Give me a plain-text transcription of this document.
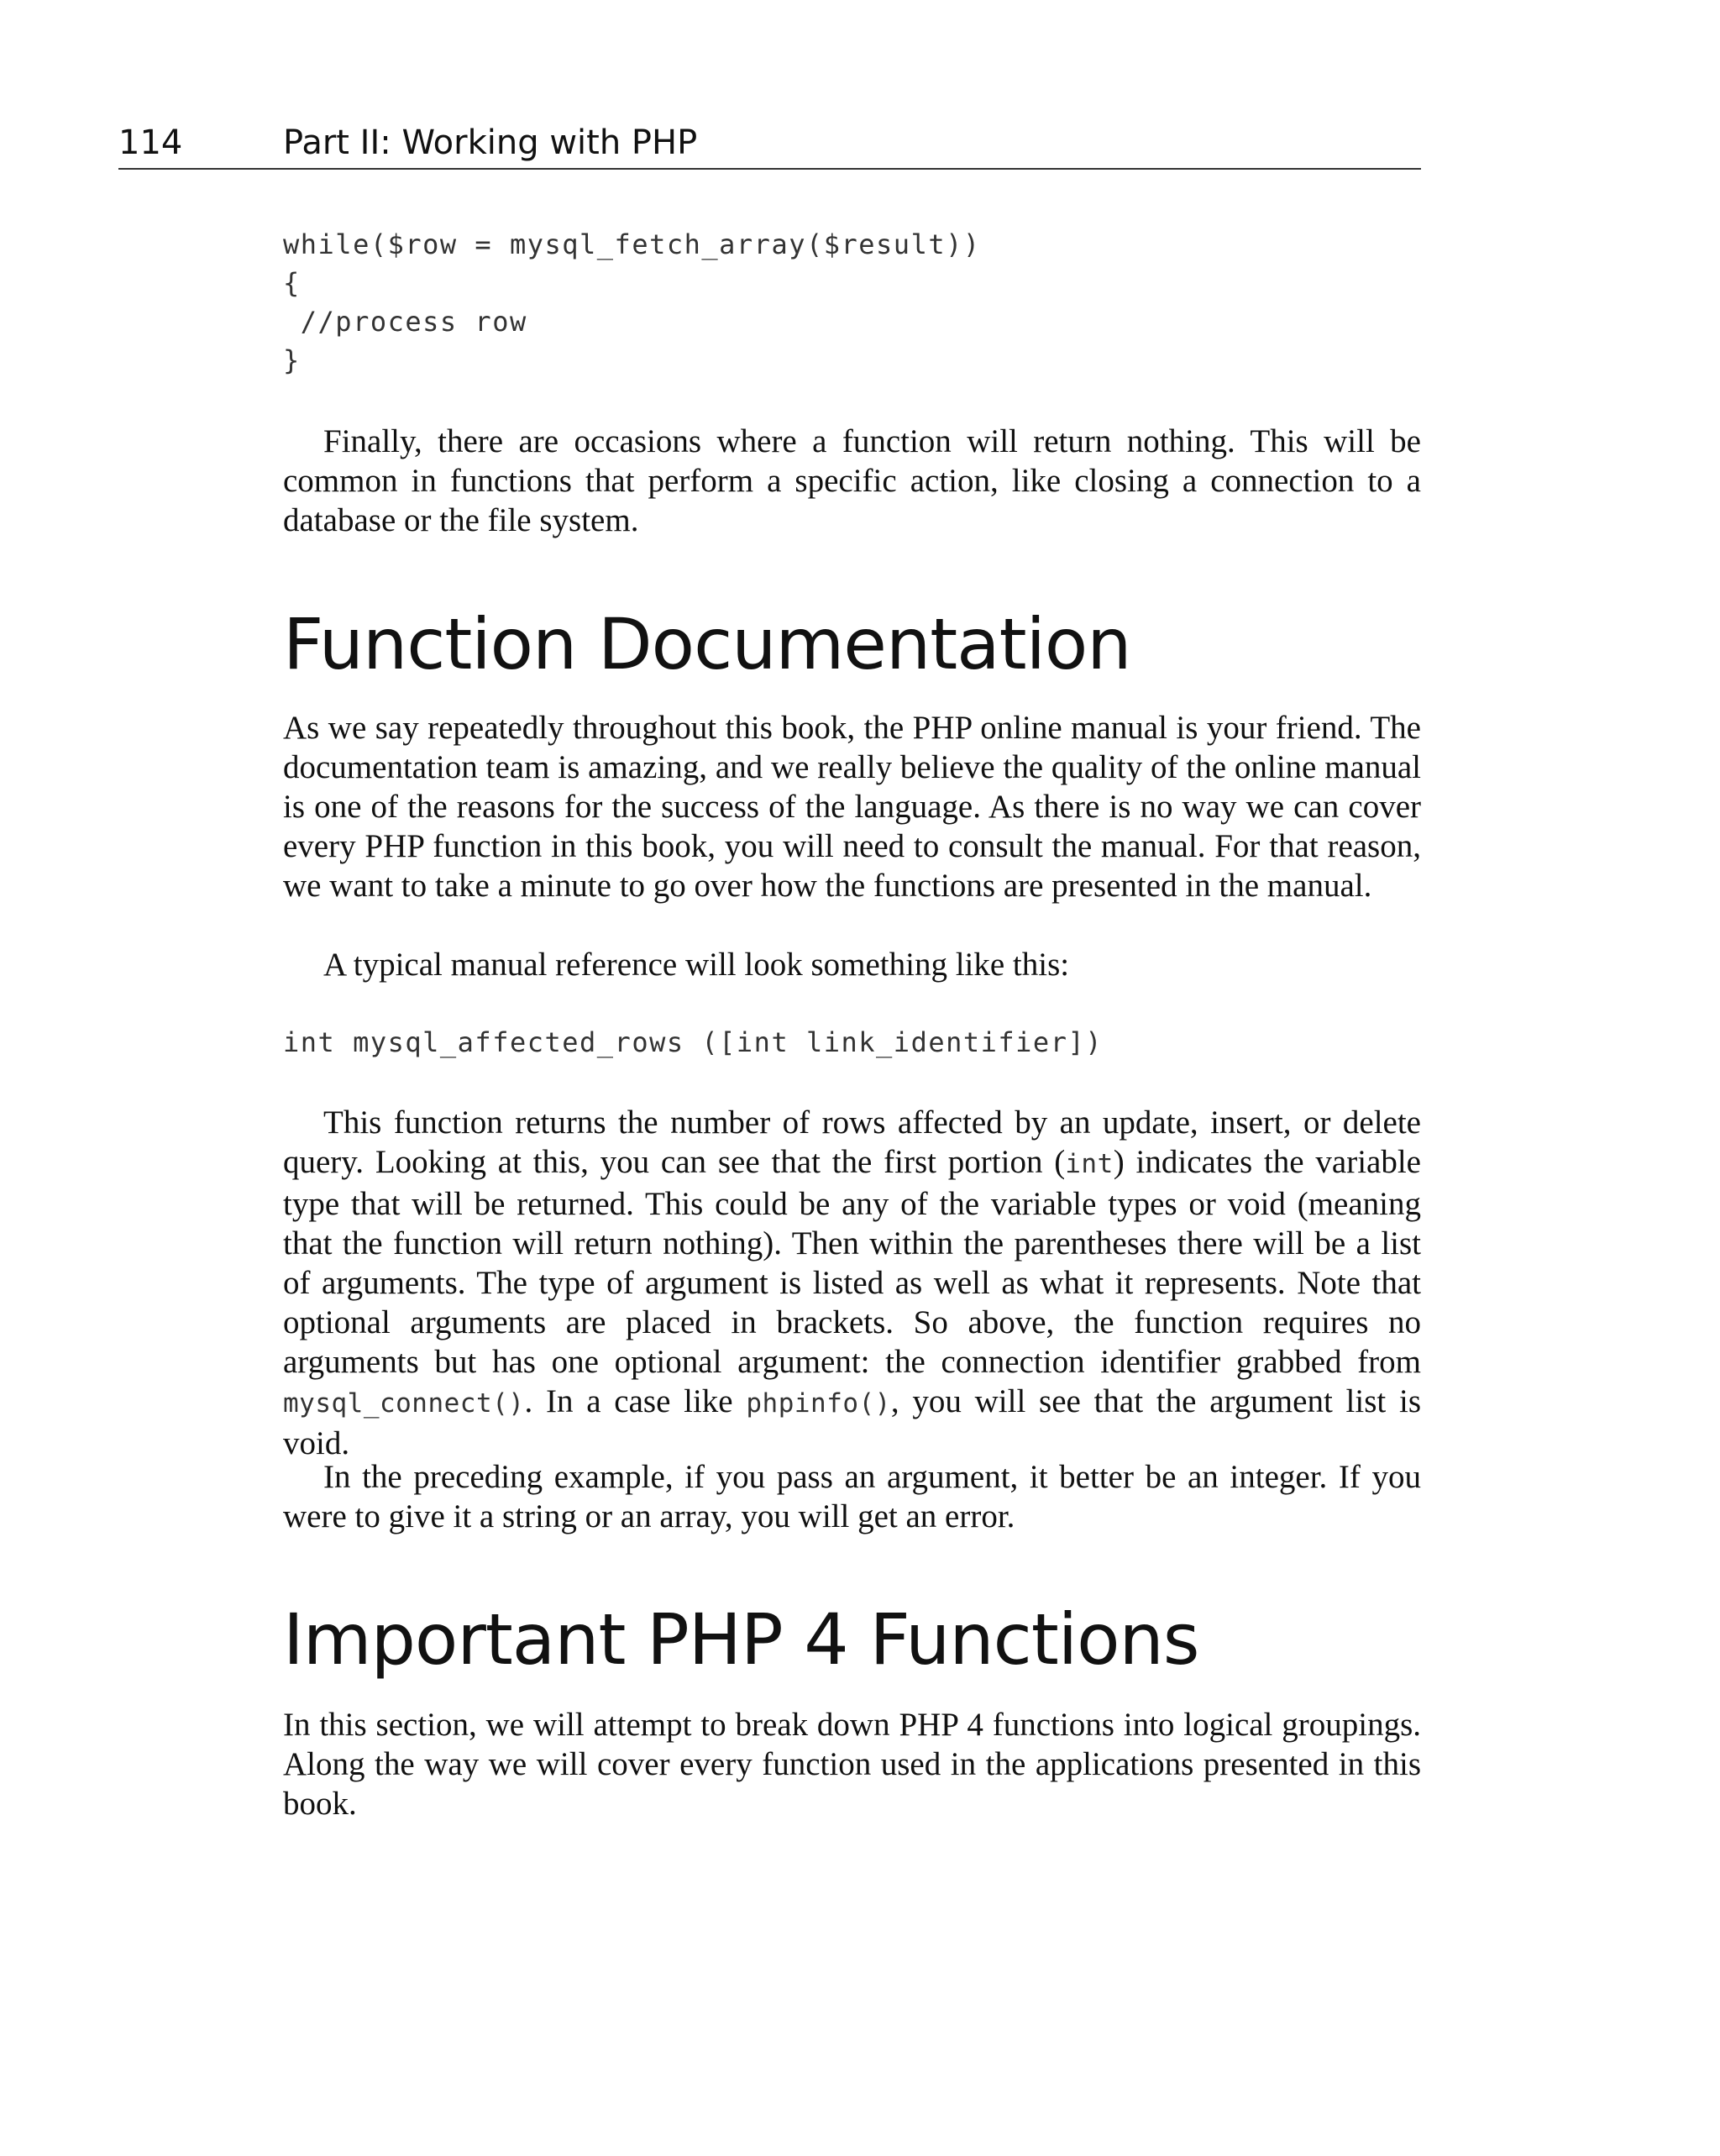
114	Part II: Working with PHP
while($row = mysql_fetch_array($result))
{
//process row
}

Finally, there are occasions where a function will return nothing. This will be common in functions that perform a specific action, like closing a connection to a database or the file system.

Function Documentation

As we say repeatedly throughout this book, the PHP online manual is your friend. The documentation team is amazing, and we really believe the quality of the online manual is one of the reasons for the success of the language. As there is no way we can cover every PHP function in this book, you will need to consult the manual. For that reason, we want to take a minute to go over how the functions are presented in the manual.

A typical manual reference will look something like this:

int mysql_affected_rows ([int link_identifier])

This function returns the number of rows affected by an update, insert, or delete query. Looking at this, you can see that the first portion (int) indicates the variable type that will be returned. This could be any of the variable types or void (meaning that the function will return nothing). Then within the parentheses there will be a list of arguments. The type of argument is listed as well as what it represents. Note that optional arguments are placed in brackets. So above, the function requires no arguments but has one optional argument: the connection identifier grabbed from mysql_connect(). In a case like phpinfo(), you will see that the argument list is void.

In the preceding example, if you pass an argument, it better be an integer. If you were to give it a string or an array, you will get an error.

Important PHP 4 Functions

In this section, we will attempt to break down PHP 4 functions into logical groupings. Along the way we will cover every function used in the applications presented in this book.
